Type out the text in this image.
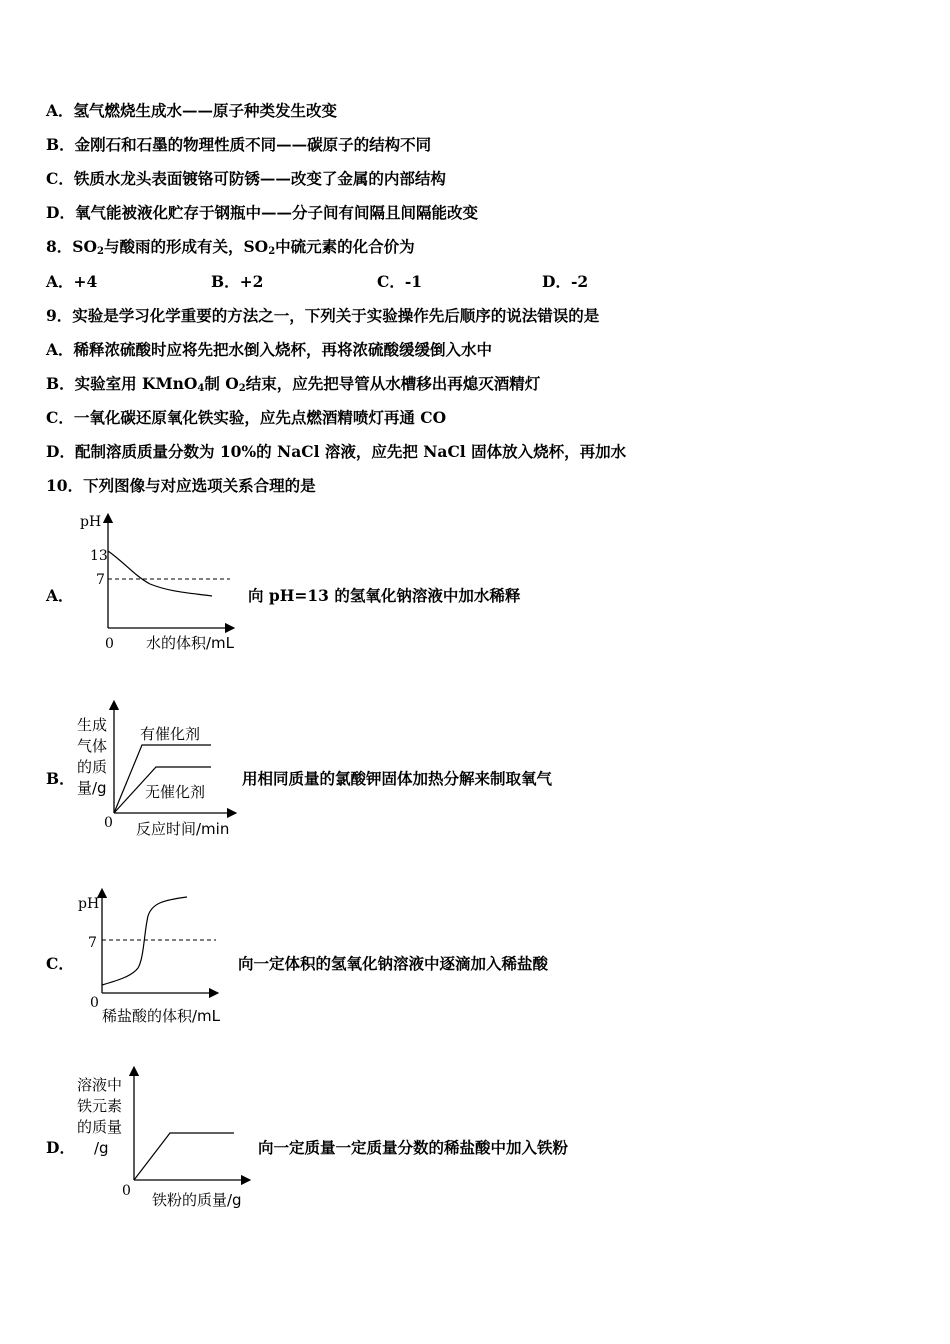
A．氢气燃烧生成水——原子种类发生改变
B．金刚石和石墨的物理性质不同——碳原子的结构不同
C．铁质水龙头表面镀铬可防锈——改变了金属的内部结构
D．氧气能被液化贮存于钢瓶中——分子间有间隔且间隔能改变
8．$SO_2$与酸雨的形成有关，$SO_2$中硫元素的化合价为
A．+4	B．+2	C．-1	D．-2
9．实验是学习化学重要的方法之一，下列关于实验操作先后顺序的说法错误的是
A．稀释浓硫酸时应将先把水倒入烧杯，再将浓硫酸缓缓倒入水中
B．实验室用 KMnO$_4$制 $O_2$结束，应先把导管从水槽移出再熄灭酒精灯
C．一氧化碳还原氧化铁实验，应先点燃酒精喷灯再通 CO
D．配制溶质质量分数为 10%的 NaCl 溶液，应先把 NaCl 固体放入烧杯，再加水
10．下列图像与对应选项关系合理的是
A．
pH
13
7
0 水的体积/mL
向 pH=13 的氢氧化钠溶液中加水稀释
B．
生成
气体
的质
量/g
有催化剂
无催化剂
0 反应时间/min
用相同质量的氯酸钾固体加热分解来制取氧气
C．
pH
7
0
稀盐酸的体积/mL
向一定体积的氢氧化钠溶液中逐滴加入稀盐酸
D．
溶液中
铁元素
的质量
/g
0 铁粉的质量/g
向一定质量一定质量分数的稀盐酸中加入铁粉
